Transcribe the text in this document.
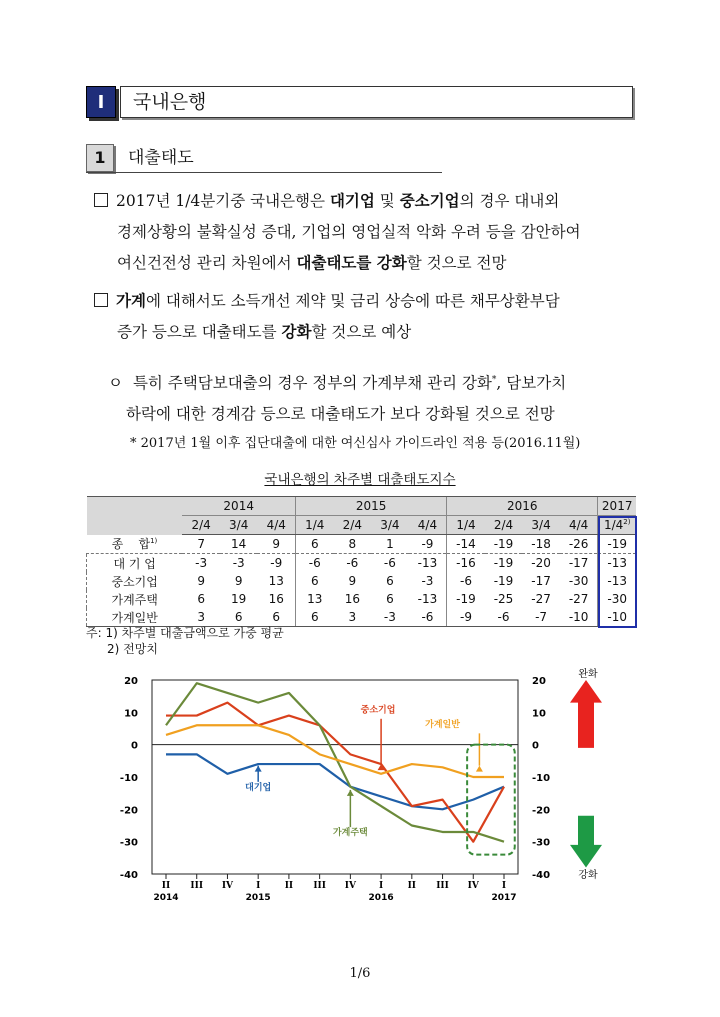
I	국내은행
1	대출태도
2017년 1/4분기중 국내은행은 대기업 및 중소기업의 경우 대내외
경제상황의 불확실성 증대, 기업의 영업실적 악화 우려 등을 감안하여
여신건전성 관리 차원에서 대출태도를 강화할 것으로 전망
가계에 대해서도 소득개선 제약 및 금리 상승에 따른 채무상환부담
증가 등으로 대출태도를 강화할 것으로 예상
ㅇ 특히 주택담보대출의 경우 정부의 가계부채 관리 강화*, 담보가치
하락에 대한 경계감 등으로 대출태도가 보다 강화될 것으로 전망
* 2017년 1월 이후 집단대출에 대한 여신심사 가이드라인 적용 등(2016.11월)
국내은행의 차주별 대출태도지수
	2014			2015				2016				2017
	2/4	3/4	4/4	1/4	2/4	3/4	4/4	1/4	2/4	3/4	4/4	1/4$^{2)}$
종    합$^{1)}$	7	14	9	6	8	1	-9	-14	-19	-18	-26	-19
대 기 업	-3	-3	-9	-6	-6	-6	-13	-16	-19	-20	-17	-13
중소기업	9	9	13	6	9	6	-3	-6	-19	-17	-30	-13
가계주택	6	19	16	13	16	6	-13	-19	-25	-27	-27	-30
가계일반	3	6	6	6	3	-3	-6	-9	-6	-7	-10	-10
주: 1) 차주별 대출금액으로 가중 평균
2) 전망치
20	20
10	10
0	0
-10	-10
-20	-20
-30	-30
-40	-40
II III IV	I	II III IV	I	II III IV	I
2014	2015	2016	2017
중소기업
가계일반
대기업
가계주택
완화
강화
1/6
